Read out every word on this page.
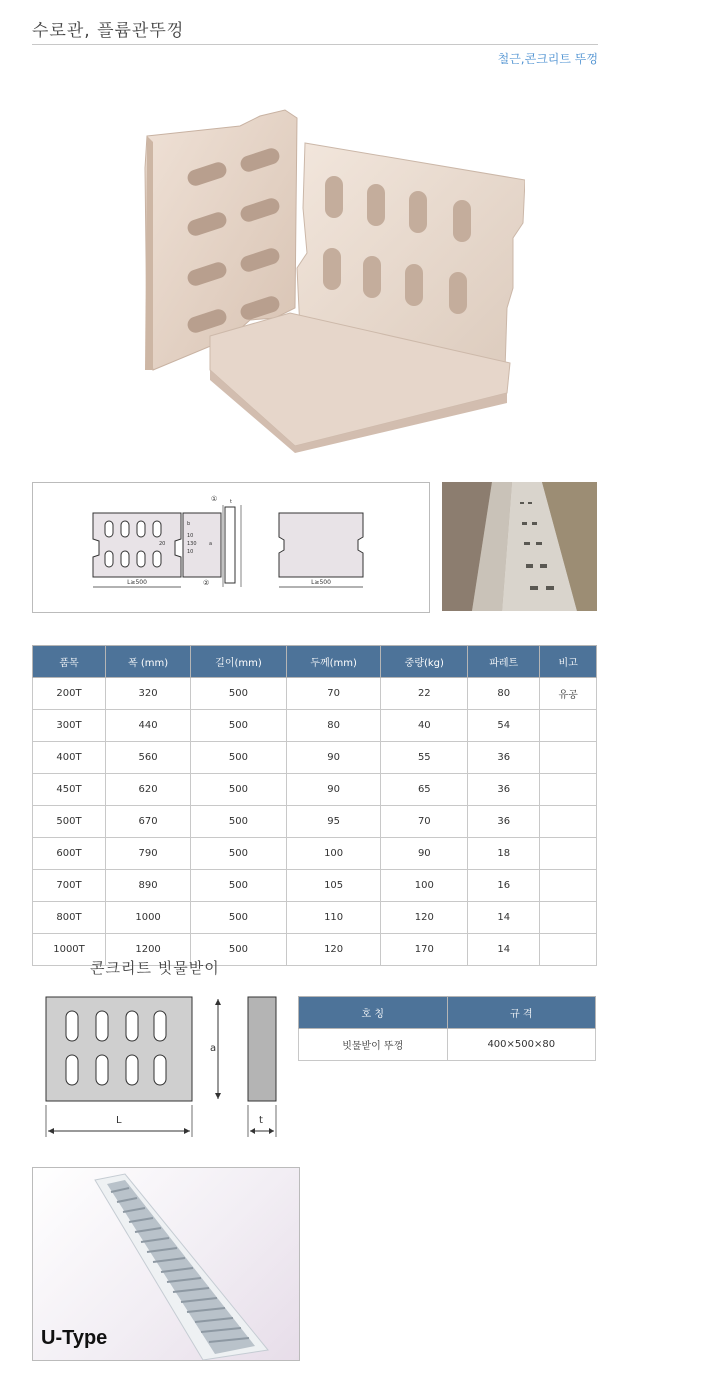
수로관, 플륨관뚜껑
철근,콘크리트 뚜껑
L≥500
20
b
10
130
10
a
t
①
②	L≥500
품목	폭 (mm)	길이(mm)	두께(mm)	중량(kg)	파레트	비고
200T	320	500	70	22	80	유공
300T	440	500	80	40	54	
400T	560	500	90	55	36	
450T	620	500	90	65	36	
500T	670	500	95	70	36	
600T	790	500	100	90	18	
700T	890	500	105	100	16	
800T	1000	500	110	120	14	
1000T	1200	500	120	170	14	
콘크리트 빗물받이
a
L	t
호 칭	규 격
빗물받이 뚜껑	400×500×80
U-Type
